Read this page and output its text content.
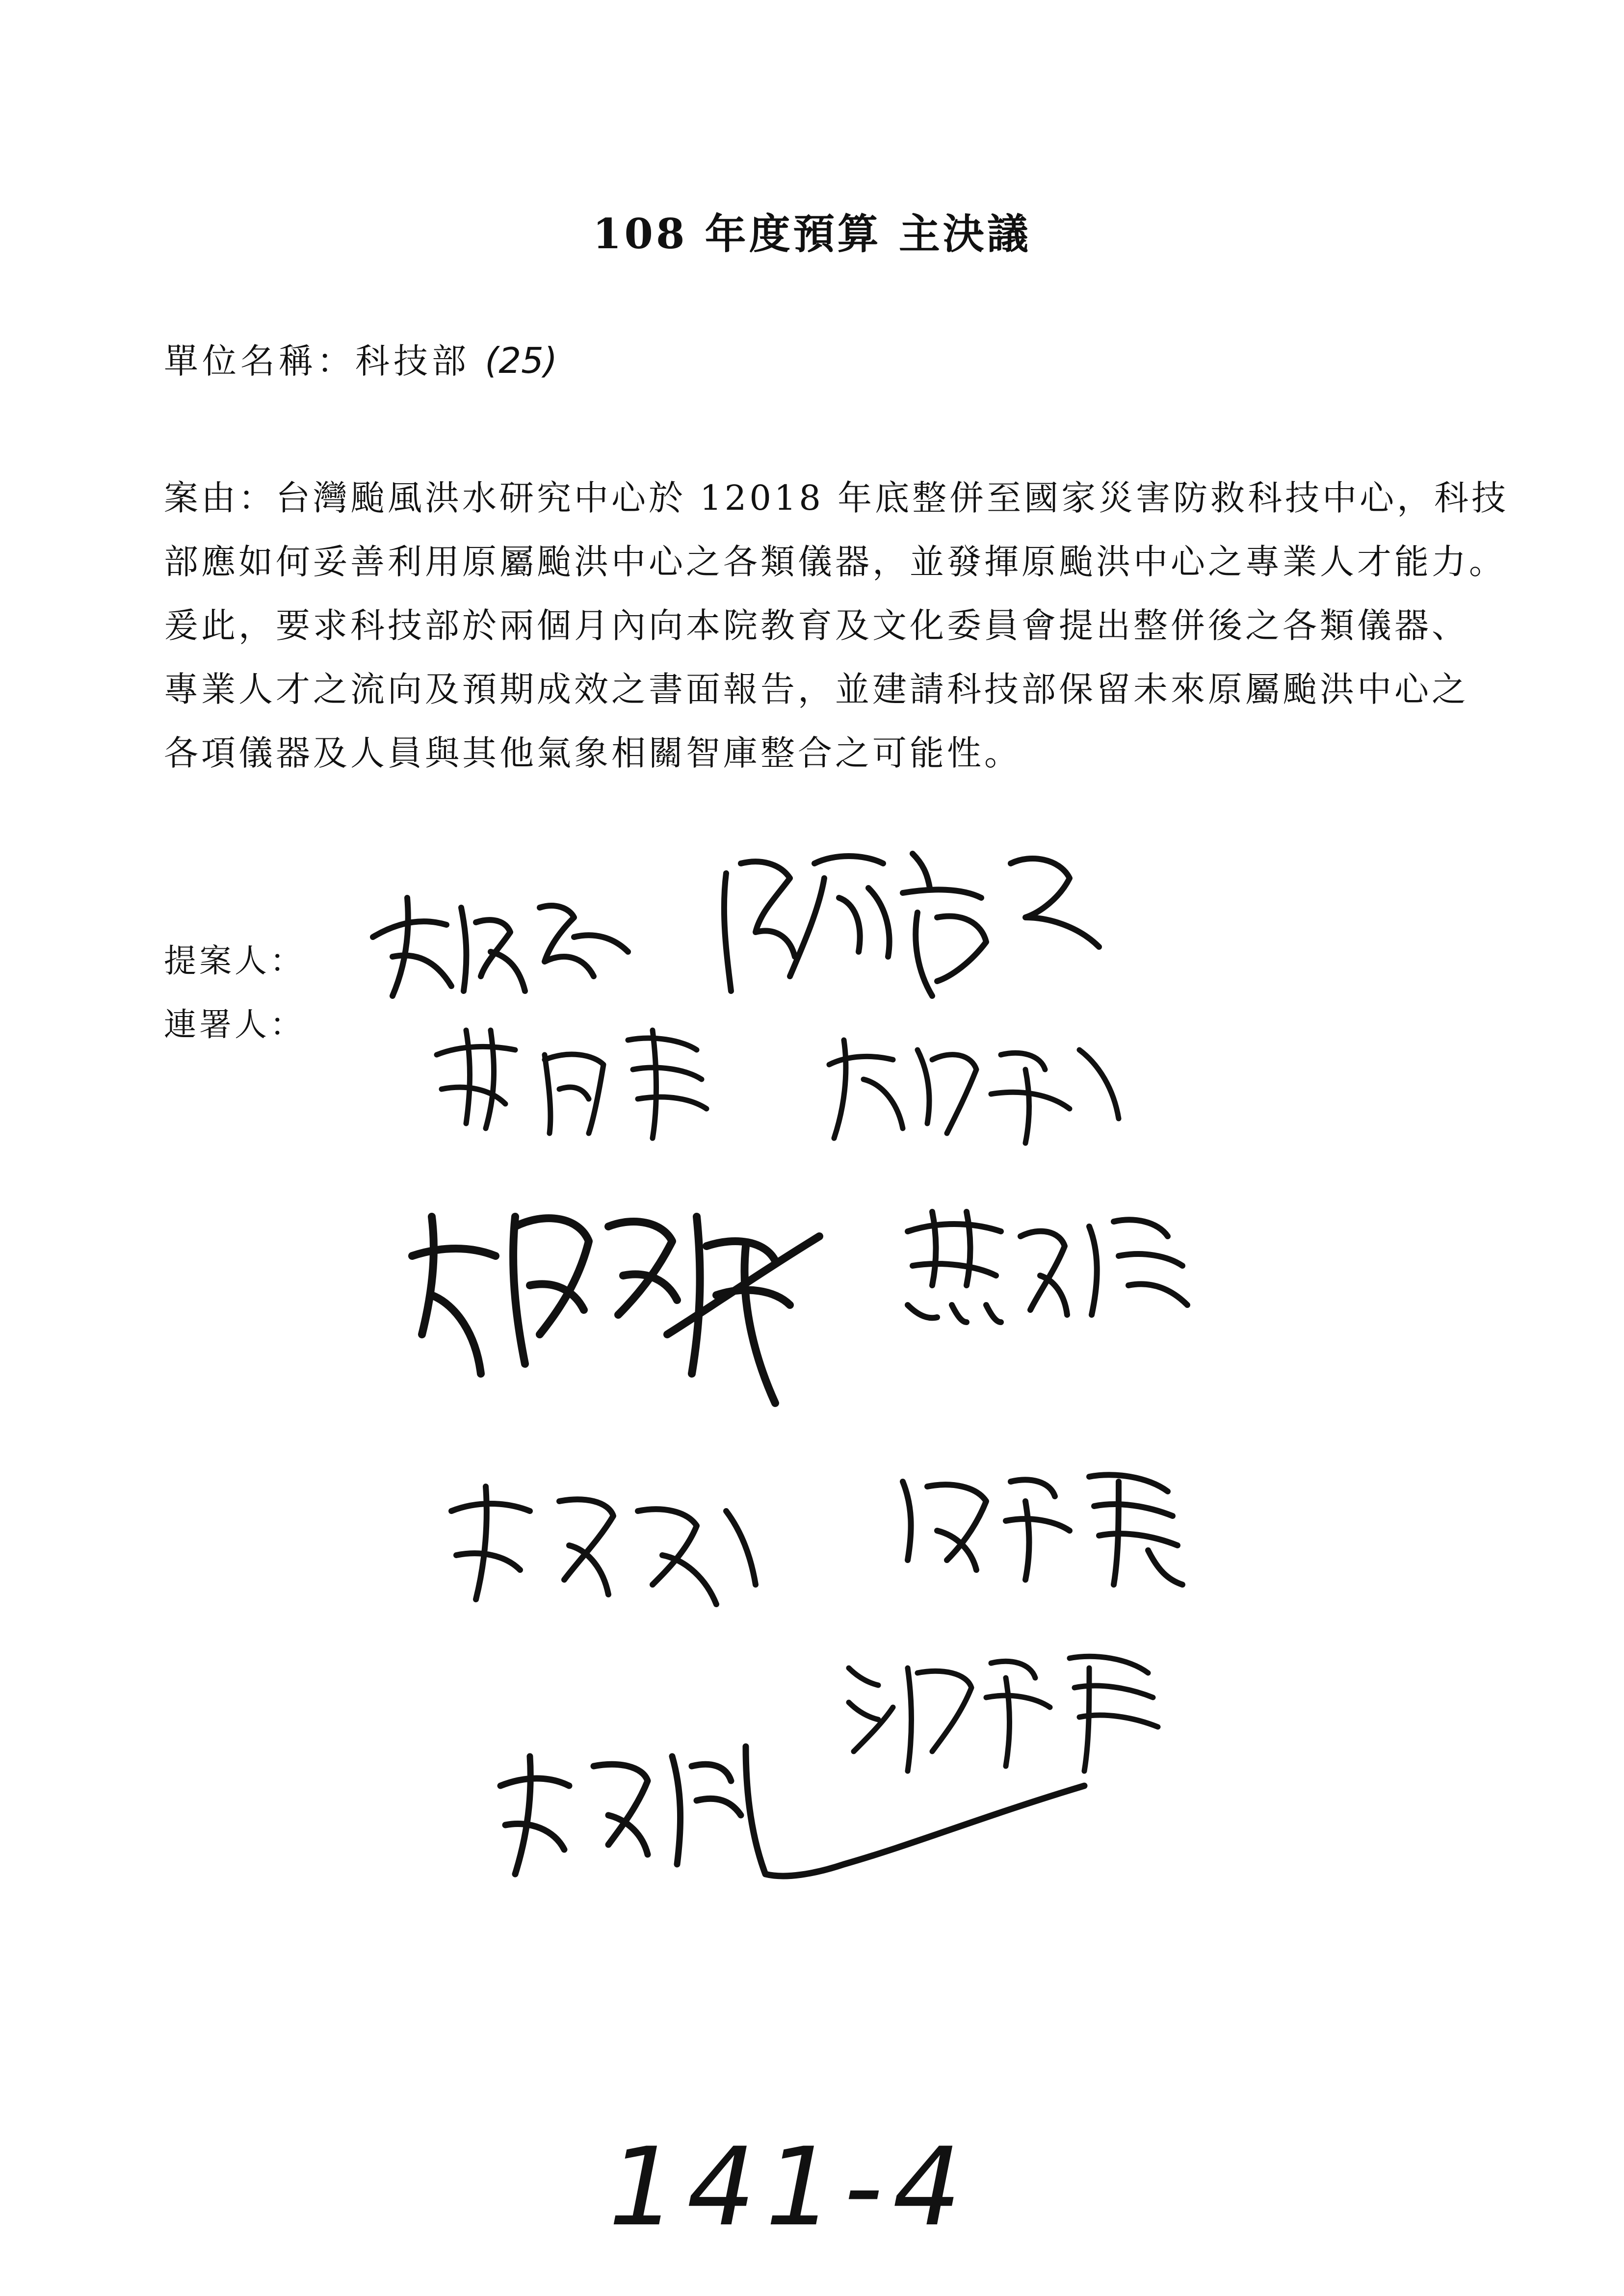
108 年度預算 主決議
單位名稱：科技部 (25)
案由：台灣颱風洪水研究中心於 12018 年底整併至國家災害防救科技中心，科技
部應如何妥善利用原屬颱洪中心之各類儀器，並發揮原颱洪中心之專業人才能力。
爰此，要求科技部於兩個月內向本院教育及文化委員會提出整併後之各類儀器、
專業人才之流向及預期成效之書面報告，並建請科技部保留未來原屬颱洪中心之
各項儀器及人員與其他氣象相關智庫整合之可能性。
提案人：
連署人：
141-4
